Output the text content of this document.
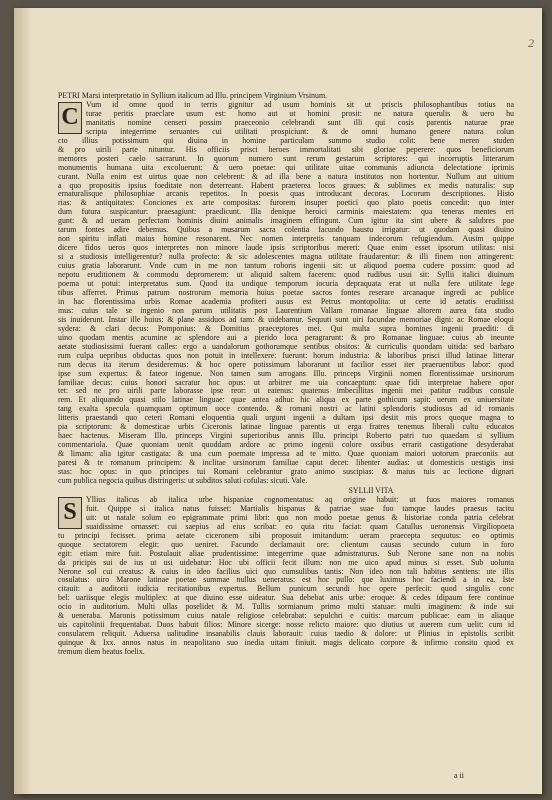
2
PETRI Marsi interpretatio in Syllium italicum ad Illu. principem Virginium Vrsinum.
C
Vum id omne quod in terris gignitur ad usum hominis sit ut priscis philosophantibus totius na
turae peritis praeclare usum est: homo aut ut homini prosit: ne natura querulis & uero hu
manitatis nomine censeri possim praeceonio celebrandi sunt illi qui cosis parentis naturae prae
scripta integerrime seruantes cui utilitati prospiciunt: & de omni humano genere natura colun
cto illius potissimum qui diuina in homine particulam summo studio colit: bene meren studen
& pro uirili parte nituntur. His officiis prisci heroes immortalitati sibi gloriae peperere: quos beneficiorum
memores posteri caelo sacrarunt. In quorum numero sunt rerum gestarum scriptores: qui incorruptis litterarum
monumentis humana uita excoluerunt: & uero poetae: qui utilitate uitae communis adiuncta delectatione iprimis
curant. Nulla enim est uirtus quae non celebrent: & ad illa bene a natura institutos non hortentur. Nullum aut uitium
a quo propositis ipsius foeditate non deterreant. Habent praeterea locos graues: & sublimes ex medis naturalis: sup
ernaturalisque philosophiae arcanis repetitos. In poesis quas introducant decoras. Locorum descriptiones. Histo
rias: & antiquitates: Conciones ex arte compositas: furorem insuper poetici quo plato poetis concedit: quo inter
dum futura suspicantur: praesagiunt: praedicunt. Illa denique heroici carminis maiestatem: qua teneras mentes eri
gunt: & ad ueram perfectam hominis diuini animalis imaginem effingunt. Cum igitur ita sint ubere & salubres poe
tarum fontes adire debemus. Quibus a musarum sacra colentia facundo haustu irrigatur: ut quodam quasi diuino
non spiritu inflati maius homine resonarent. Nec nomen interpretis tanquam indecorum refugiendum. Ausim quippe
dicere fidos ueros quos interpretes non minore laude ipsis scriptoribus mereri: Quae enim esset ipsorum utilitas: nisi
si a studiosis intelligerentur? nulla profecto: & sic adolescentes magna utilitate fraudarentur: & illi finem non attingerent:
cuius gratia laborarunt. Vnde cum in me non tantum roboris ingenii sit: ut aliquod poema cudere possim: quod ad
nepotu eruditionem & commodu deprornerem: ut aliquid saltem facerem: quod rudibus usui sit: Syllii italici diuinum
poema ut potui: interpretatus sum. Quod ita undique temporum iocuria depraquata erat ut nulla fere utilitate lege
tibus afferret. Primus patrum nostrorum memoria huius poetae sacros fontes reserare arcanaque ingredi ac publice
in hac florentissima urbis Romae academia profiteri ausus est Petrus montopolita: ut certe id aetatis eruditissi
mus: cuius tale se ingenio non parum utilitatis post Laurentium Vallam romanae linguae altorem aurea fata studio
sis inuiderunt. Instar ille huius: & plane assiduos ad tam: & uidebamur. Sequuti sunt uiri facundae memoriae digni: ac Romae eloqui
sydera: & clari decus: Pomponius: & Domitius praeceptores mei. Qui multa supra homines ingenii praediti: di
uino quodam mentis acumine ac splendore aui a pierido loca peragrarunt: & pro Romanae linguae: cuius ab ineunte
aetate studiosissimi fuerant calles: ergo a uandalorum gothorumque sentibus obsitos: & curriculis quondam uitida: sed barbaro
rum culpa uepribus obductas quos non potuit in intellexere: fuerunt: horum industria: & laboribus prisci illud latinae litterar
rum decus ita iterum desideremus: & hoc opere potissimum laborarunt ut facilior esset iter praeruentibus labor: quod
ipse sum expertus: & fateor ingenue. Non tamen sum arrogans Illu. princeps Virginii nomen florentissimae ursinorum
familiae decus: cuius honori sacratur hoc opus: ut arbitrer me uia concaeptum: quae fidi interpretae habere opor
tet: sed ne pro uirili parte laborasse ipse reor: ut eatenus: quatenus imbecillitas ingenii mei patitur rudibus consule
rem. Et aliquando quasi stilo latinae linguae: quae antea adhuc hic aliqua ex parte gothicum sapit: uerum ex uniuersitate
tang exalta specula quamquam optimum uoce contendo. & romani nostri ac latini splendoris studiosos ad id romanis
litteris praestandi quo ceteri Romani eloquentia quali urgunt ingenii a dultam ipsi desiit mis procs quoque magna to
pia scriptorum: & domesticae urbis Ciceronis latinae linguae parentis ut erga fratres tenemus liberali cultu educatos
haec hactenus. Miseram Illu. princeps Virgini superioribus annis Illu. principi Roberto patri tuo quaedam si syllium
commentariola. Quae quoniam uenit quoddam ardore ac primo ingenii colore ossibus errarit castigatione desyderabat
& limam: alia igitur castigata: & una cum poemate impressa ad te mitto. Quae quoniam maiori uotorum praeconiis aut
paresi & te romanum principem: & inclitae ursinorum familiae caput decet: libenter audias: ut domesticis uestigis insi
stas: hoc opus: in quo principes tui Romani celebrantur grato animo suscipias: & maius tuis ac lectione dignari
cum publica negocia quibus distringeris: ut subditos saluti cofulas: sicuti. Vale.
SYLLII VITA
S
Yllius italicus ab italica urbe hispaniae cognomentatus: aq origine habuit: ut fuos maiores romanus
fuit. Quippe si italica natus fuisset: Martialis hispanus & patriae suae fuo tamque laudes praesus tacitu
uit: ut natale solum eo epigrammate primi libri: quo non modo poetae genus & historiae conda patria celebrat
suaidissime ornasset: cui saepius ad eius scribat: eo quia ritu faciat: quam Catullus ueronensis Virgiliopoeta
tu principi fecisset. prima aetate ciceronem sibi proposuit imitandum: ueram praecepta sequutus: eo optimis
quoque sectatorem elegit: quo ueniret. Facundo declamauit ore: clientum causas secundo cutum in foro
egit: etiam mire fuit. Postulauit aliae prudentissime: integerrime quae admistraturus. Sub Nerone sane non na nobis
da pricipis sui de ius ut usi uidebatur: Hoc ubi officii fecit illum: non me uico apud minus si esset. Sub uolunta
Nerone sol cui creatus: & cuius in ideo facilius uici quo cumsulibus tantis: Non ideo non tali habitus sentiens: ute illis
cosulatus: uiro Marone latinae poetae summae nullus ueneratus: est hoc pullo: que luximus hoc faciendi a in ea. Iste
citauit: a auditorii iudicia recitationibus expertus. Bellum punicum secundi hoc opere perfecit: quod singulis conc
bel: uariisque elegis multiplex: at que diuino esse uideatur. Sua debebat anis urbe: eroque: & cedes idipaum fere continue
ocio in auditorium. Multi ullas poselidet & M. Tullis sormianum primo multi statuae: multi imaginem: & inde sui
& ueneraba. Maronis potissimum cuius natale religiose celebrabat: sepulchri e cuitis: marcum publicae: eam in aliaque
uis capitolinii frequentabat. Duos habuit filios: Minore sicerge: nosse relicto maiore: quo diutius ut auerem cum uelit: cum id
consularem reliquit. Aduersa ualitudine insanabilis clauis laborauit: cuius taedio & dolore: ut Plinius in epistolis scribit
quinque & Ixx. annos natus in neapolitano suo inedia uitam finiuit. magis delicato corpore & infirmo consitu quod ex
tremum diem beatus foelix.
a ii
